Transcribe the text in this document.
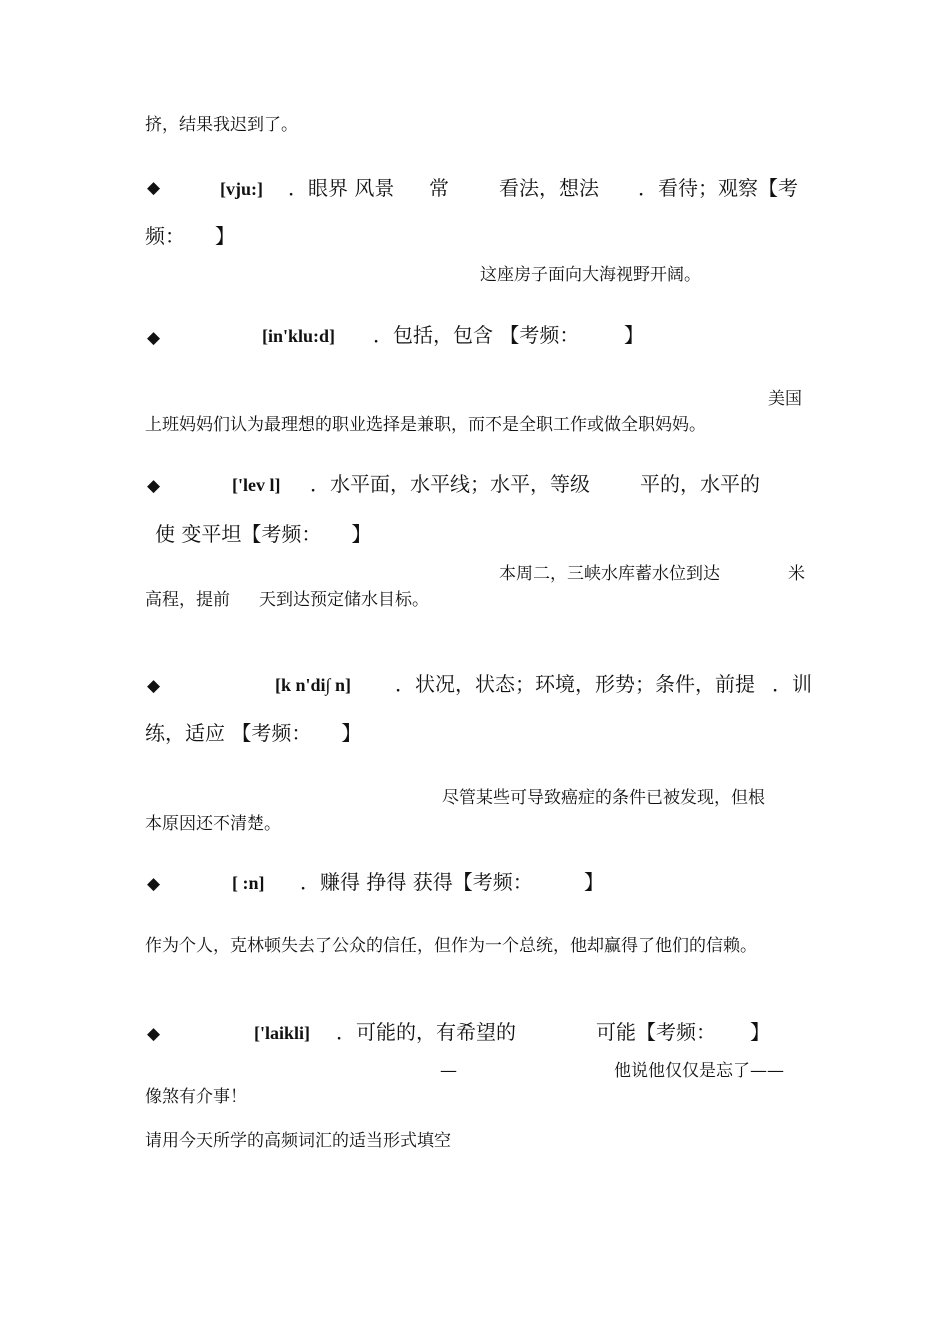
挤，结果我迟到了。
◆	[vju:] ．眼界 风景 常	看法，想法 ．看待；观察【考
频：　　】
这座房子面向大海视野开阔。
◆	[in'klu:d] ．包括，包含 【考频： 】
美国
上班妈妈们认为最理想的职业选择是兼职，而不是全职工作或做全职妈妈。
◆	['lev l] ．水平面，水平线；水平，等级	平的，水平的
使 变平坦【考频：　　】
本周二，三峡水库蓄水位到达	米
高程，提前 天到达预定储水目标。
◆	[k n'di∫ n] ．状况，状态；环境，形势；条件，前提 ．训
练，适应 【考频：　　】
尽管某些可导致癌症的条件已被发现，但根
本原因还不清楚。
◆	[ :n] ．赚得 挣得 获得【考频：	】
作为个人，克林顿失去了公众的信任，但作为一个总统，他却赢得了他们的信赖。
◆	['laikli] ．可能的，有希望的	可能【考频： 】
—	他说他仅仅是忘了——
像煞有介事！
请用今天所学的高频词汇的适当形式填空
